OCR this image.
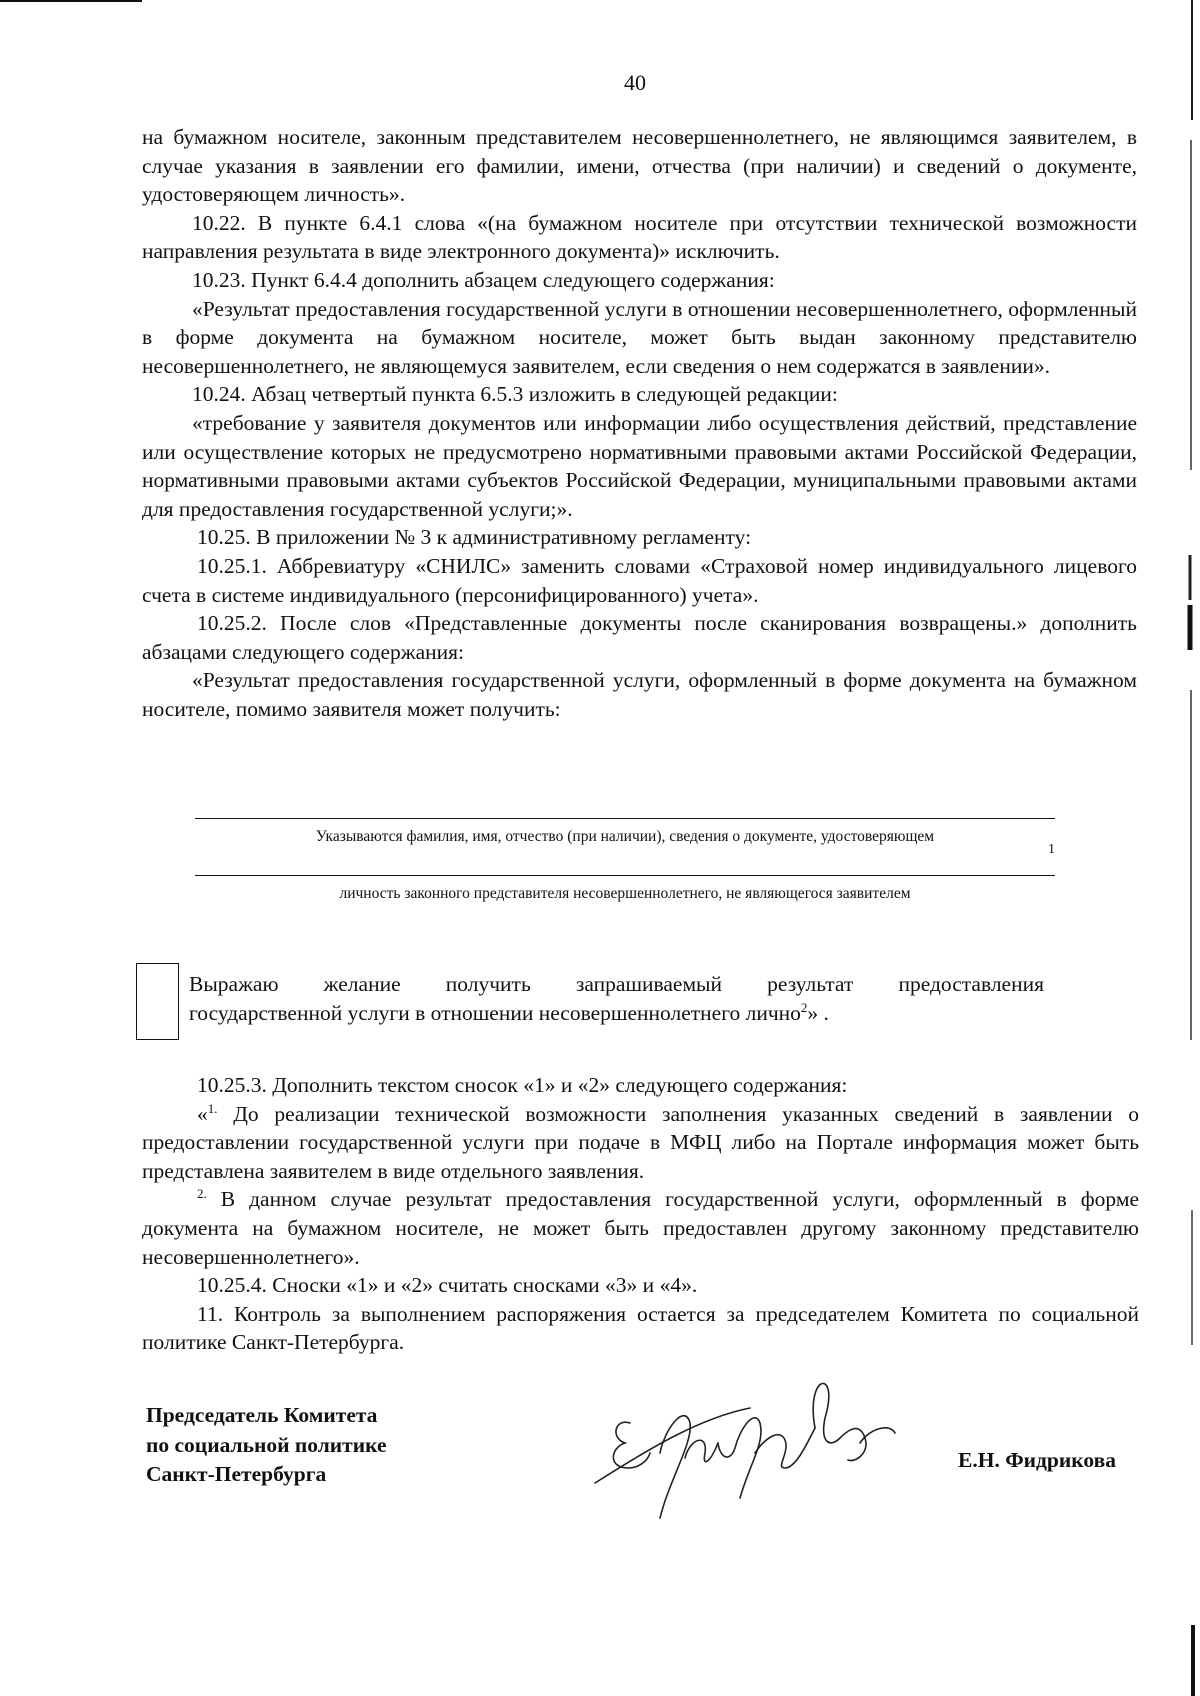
40

на бумажном носителе, законным представителем несовершеннолетнего, не являющимся заявителем, в случае указания в заявлении его фамилии, имени, отчества (при наличии) и сведений о документе, удостоверяющем личность».

10.22. В пункте 6.4.1 слова «(на бумажном носителе при отсутствии технической возможности направления результата в виде электронного документа)» исключить.

10.23. Пункт 6.4.4 дополнить абзацем следующего содержания:

«Результат предоставления государственной услуги в отношении несовершеннолетнего, оформленный в форме документа на бумажном носителе, может быть выдан законному представителю несовершеннолетнего, не являющемуся заявителем, если сведения о нем содержатся в заявлении».

10.24. Абзац четвертый пункта 6.5.3 изложить в следующей редакции:

«требование у заявителя документов или информации либо осуществления действий, представление или осуществление которых не предусмотрено нормативными правовыми актами Российской Федерации, нормативными правовыми актами субъектов Российской Федерации, муниципальными правовыми актами для предоставления государственной услуги;».

10.25. В приложении № 3 к административному регламенту:

10.25.1. Аббревиатуру «СНИЛС» заменить словами «Страховой номер индивидуального лицевого счета в системе индивидуального (персонифицированного) учета».

10.25.2. После слов «Представленные документы после сканирования возвращены.» дополнить абзацами следующего содержания:

«Результат предоставления государственной услуги, оформленный в форме документа на бумажном носителе, помимо заявителя может получить:

Указываются фамилия, имя, отчество (при наличии), сведения о документе, удостоверяющем
1
личность законного представителя несовершеннолетнего, не являющегося заявителем
Выражаю желание получить запрашиваемый результат предоставления
государственной услуги в отношении несовершеннолетнего лично$^2$» .

10.25.3. Дополнить текстом сносок «1» и «2» следующего содержания:

«$^{1.}$ До реализации технической возможности заполнения указанных сведений в заявлении о предоставлении государственной услуги при подаче в МФЦ либо на Портале информация может быть представлена заявителем в виде отдельного заявления.

$^{2.}$ В данном случае результат предоставления государственной услуги, оформленный в форме документа на бумажном носителе, не может быть предоставлен другому законному представителю несовершеннолетнего».

10.25.4. Сноски «1» и «2» считать сносками «3» и «4».

11. Контроль за выполнением распоряжения остается за председателем Комитета по социальной политике Санкт-Петербурга.

Председатель Комитета
по социальной политике
Санкт-Петербурга
Е.Н. Фидрикова
